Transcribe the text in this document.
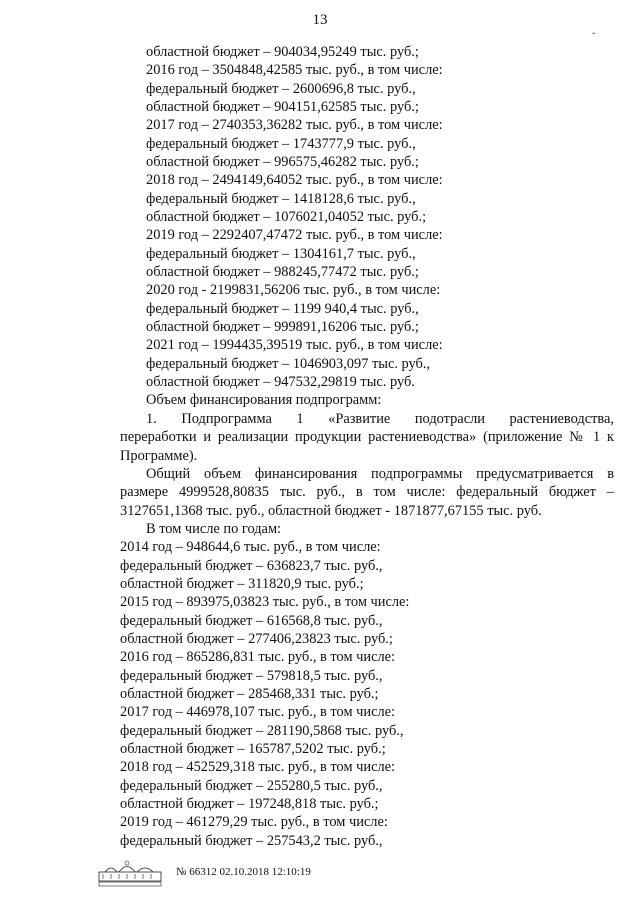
13
областной бюджет – 904034,95249 тыс. руб.;
2016 год – 3504848,42585 тыс. руб., в том числе:
федеральный бюджет – 2600696,8 тыс. руб.,
областной бюджет – 904151,62585 тыс. руб.;
2017 год – 2740353,36282 тыс. руб., в том числе:
федеральный бюджет – 1743777,9 тыс. руб.,
областной бюджет – 996575,46282 тыс. руб.;
2018 год – 2494149,64052 тыс. руб., в том числе:
федеральный бюджет – 1418128,6 тыс. руб.,
областной бюджет – 1076021,04052 тыс. руб.;
2019 год – 2292407,47472 тыс. руб., в том числе:
федеральный бюджет – 1304161,7 тыс. руб.,
областной бюджет – 988245,77472 тыс. руб.;
2020 год - 2199831,56206 тыс. руб., в том числе:
федеральный бюджет – 1199 940,4 тыс. руб.,
областной бюджет – 999891,16206 тыс. руб.;
2021 год – 1994435,39519 тыс. руб., в том числе:
федеральный бюджет – 1046903,097 тыс. руб.,
областной бюджет – 947532,29819 тыс. руб.
Объем финансирования подпрограмм:
1. Подпрограмма 1 «Развитие подотрасли растениеводства,
переработки и реализации продукции растениеводства» (приложение № 1 к
Программе).
Общий объем финансирования подпрограммы предусматривается в
размере 4999528,80835 тыс. руб., в том числе: федеральный бюджет –
3127651,1368 тыс. руб., областной бюджет - 1871877,67155 тыс. руб.
В том числе по годам:
2014 год – 948644,6 тыс. руб., в том числе:
федеральный бюджет – 636823,7 тыс. руб.,
областной бюджет – 311820,9 тыс. руб.;
2015 год – 893975,03823 тыс. руб., в том числе:
федеральный бюджет – 616568,8 тыс. руб.,
областной бюджет – 277406,23823 тыс. руб.;
2016 год – 865286,831 тыс. руб., в том числе:
федеральный бюджет – 579818,5 тыс. руб.,
областной бюджет – 285468,331 тыс. руб.;
2017 год – 446978,107 тыс. руб., в том числе:
федеральный бюджет – 281190,5868 тыс. руб.,
областной бюджет – 165787,5202 тыс. руб.;
2018 год – 452529,318 тыс. руб., в том числе:
федеральный бюджет – 255280,5 тыс. руб.,
областной бюджет – 197248,818 тыс. руб.;
2019 год – 461279,29 тыс. руб., в том числе:
федеральный бюджет – 257543,2 тыс. руб.,
№ 66312 02.10.2018 12:10:19
ˇ
